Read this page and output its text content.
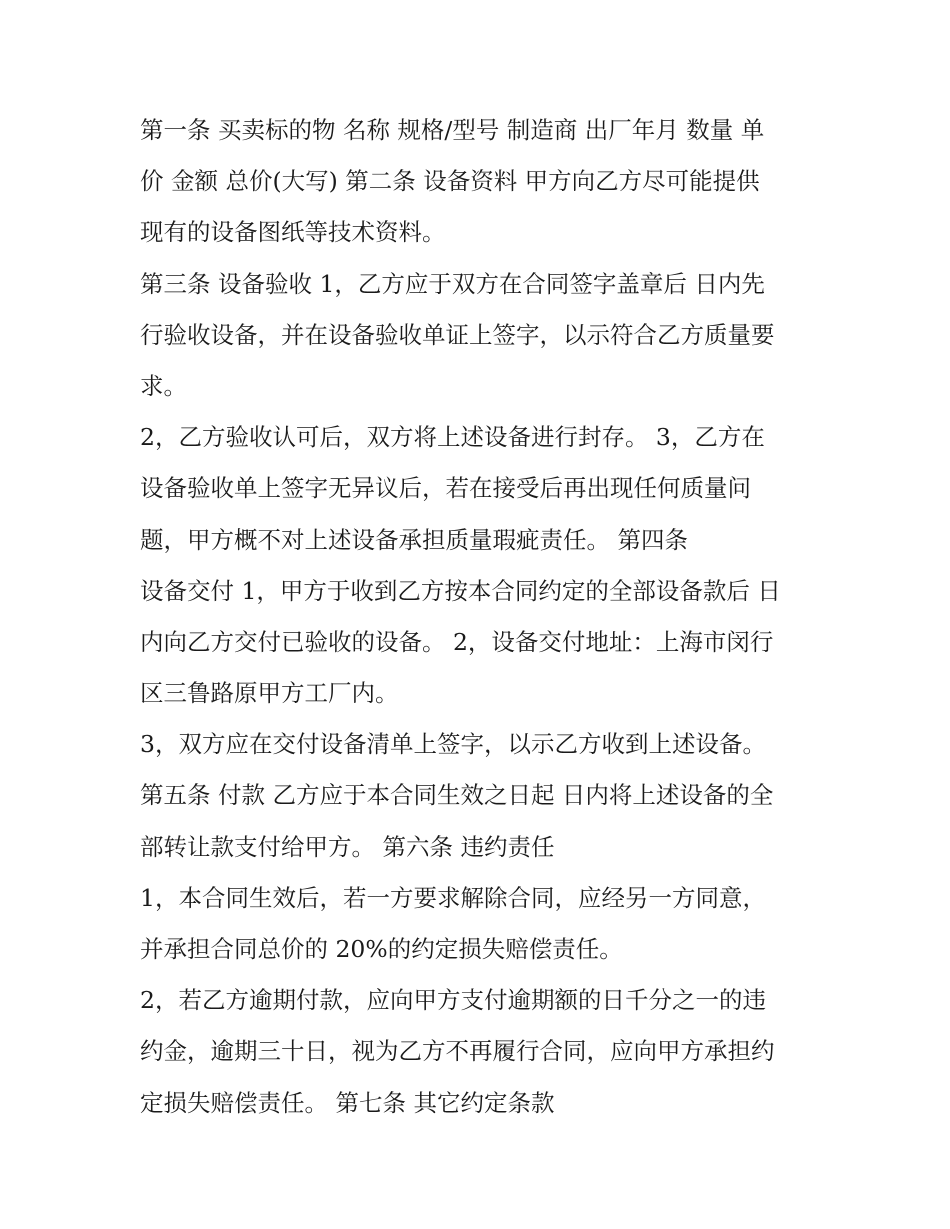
第一条 买卖标的物 名称 规格/型号 制造商 出厂年月 数量 单
价 金额 总价(大写) 第二条 设备资料 甲方向乙方尽可能提供
现有的设备图纸等技术资料。
第三条 设备验收 1，乙方应于双方在合同签字盖章后 日内先
行验收设备，并在设备验收单证上签字，以示符合乙方质量要
求。
2，乙方验收认可后，双方将上述设备进行封存。 3，乙方在
设备验收单上签字无异议后，若在接受后再出现任何质量问
题，甲方概不对上述设备承担质量瑕疵责任。 第四条
设备交付 1，甲方于收到乙方按本合同约定的全部设备款后 日
内向乙方交付已验收的设备。 2，设备交付地址：上海市闵行
区三鲁路原甲方工厂内。
3，双方应在交付设备清单上签字，以示乙方收到上述设备。
第五条 付款 乙方应于本合同生效之日起 日内将上述设备的全
部转让款支付给甲方。 第六条 违约责任
1，本合同生效后，若一方要求解除合同，应经另一方同意，
并承担合同总价的 20%的约定损失赔偿责任。
2，若乙方逾期付款，应向甲方支付逾期额的日千分之一的违
约金，逾期三十日，视为乙方不再履行合同，应向甲方承担约
定损失赔偿责任。 第七条 其它约定条款
